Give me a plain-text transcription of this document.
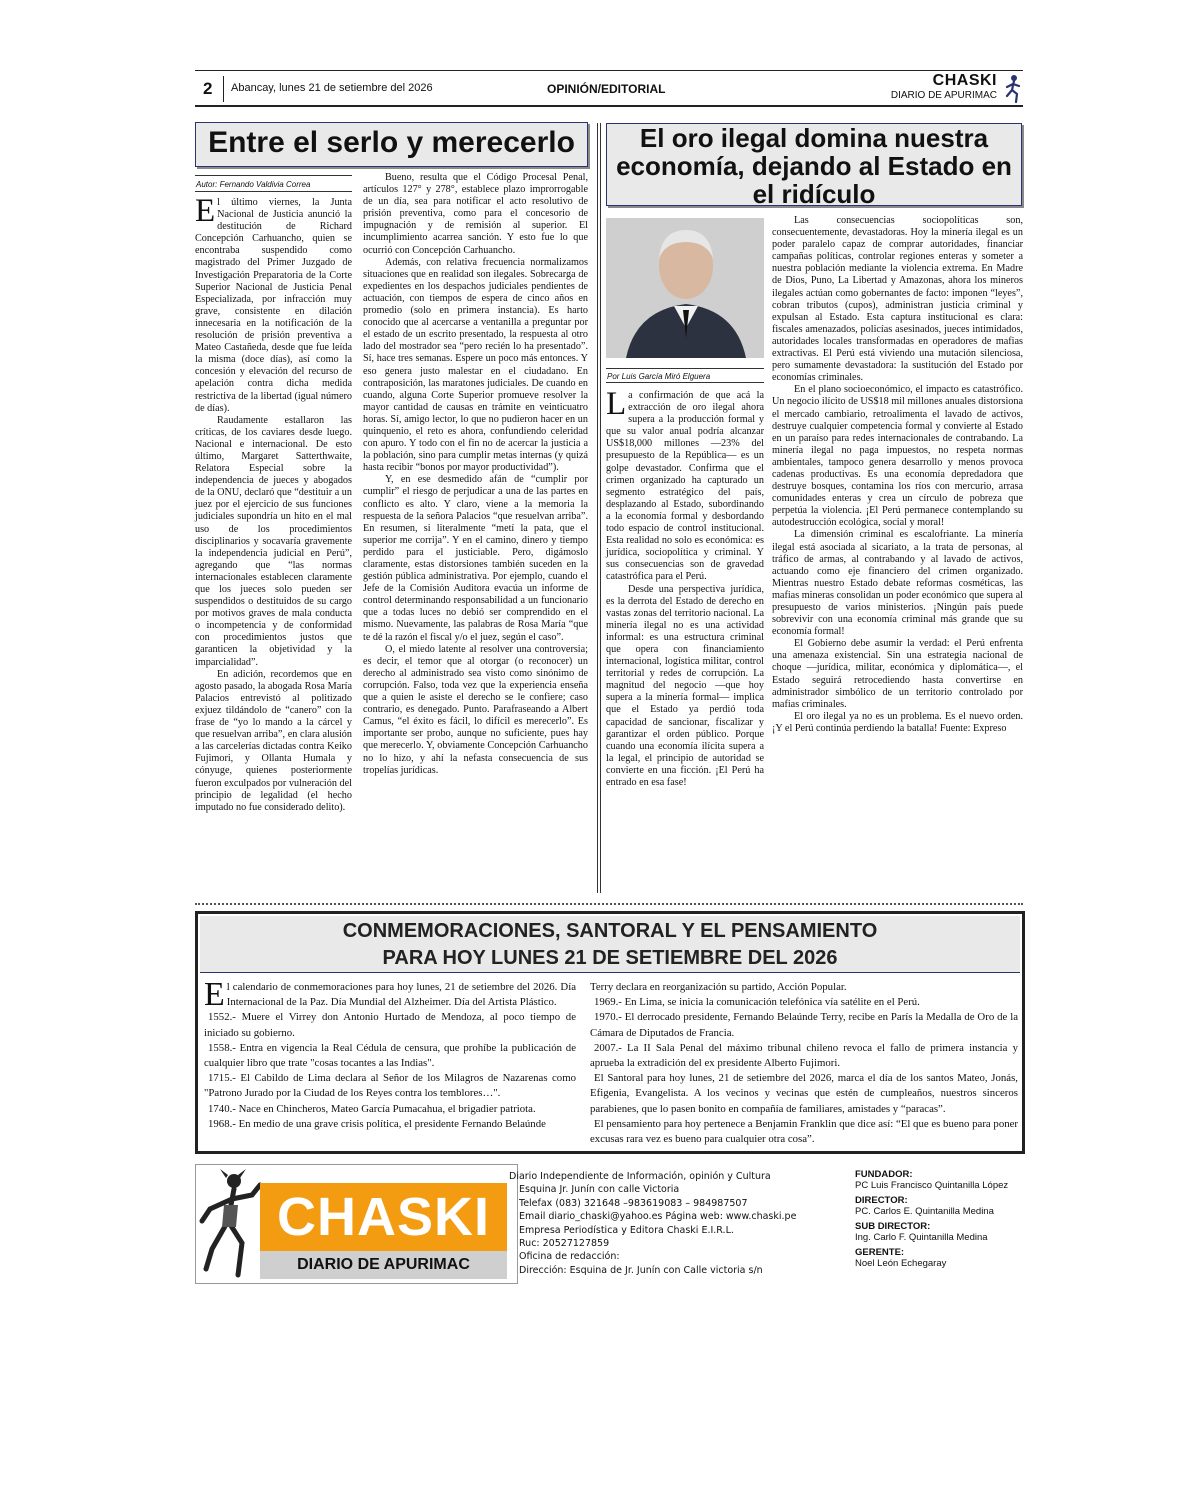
2 Abancay, lunes 21 de setiembre del 2026	OPINIÓN/EDITORIAL	CHASKI
DIARIO DE APURIMAC
Entre el serlo y merecerlo
Autor: Fernando Valdivia Correa

El último viernes, la Junta Nacional de Justicia anunció la destitución de Richard Concepción Carhuancho, quien se encontraba suspendido como magistrado del Primer Juzgado de Investigación Preparatoria de la Corte Superior Nacional de Justicia Penal Especializada, por infracción muy grave, consistente en dilación innecesaria en la notificación de la resolución de prisión preventiva a Mateo Castañeda, desde que fue leída la misma (doce días), así como la concesión y elevación del recurso de apelación contra dicha medida restrictiva de la libertad (igual número de días).

Raudamente estallaron las críticas, de los caviares desde luego. Nacional e internacional. De esto último, Margaret Satterthwaite, Relatora Especial sobre la independencia de jueces y abogados de la ONU, declaró que “destituir a un juez por el ejercicio de sus funciones judiciales supondría un hito en el mal uso de los procedimientos disciplinarios y socavaría gravemente la independencia judicial en Perú”, agregando que “las normas internacionales establecen claramente que los jueces solo pueden ser suspendidos o destituidos de su cargo por motivos graves de mala conducta o incompetencia y de conformidad con procedimientos justos que garanticen la objetividad y la imparcialidad”.

En adición, recordemos que en agosto pasado, la abogada Rosa María Palacios entrevistó al politizado exjuez tildándolo de “canero” con la frase de “yo lo mando a la cárcel y que resuelvan arriba”, en clara alusión a las carcelerías dictadas contra Keiko Fujimori, y Ollanta Humala y cónyuge, quienes posteriormente fueron exculpados por vulneración del principio de legalidad (el hecho imputado no fue considerado delito).

Bueno, resulta que el Código Procesal Penal, artículos 127° y 278°, establece plazo improrrogable de un día, sea para notificar el acto resolutivo de prisión preventiva, como para el concesorio de impugnación y de remisión al superior. El incumplimiento acarrea sanción. Y esto fue lo que ocurrió con Concepción Carhuancho.

Además, con relativa frecuencia normalizamos situaciones que en realidad son ilegales. Sobrecarga de expedientes en los despachos judiciales pendientes de actuación, con tiempos de espera de cinco años en promedio (solo en primera instancia). Es harto conocido que al acercarse a ventanilla a preguntar por el estado de un escrito presentado, la respuesta al otro lado del mostrador sea “pero recién lo ha presentado”. Sí, hace tres semanas. Espere un poco más entonces. Y eso genera justo malestar en el ciudadano. En contraposición, las maratones judiciales. De cuando en cuando, alguna Corte Superior promueve resolver la mayor cantidad de causas en trámite en veinticuatro horas. Sí, amigo lector, lo que no pudieron hacer en un quinquenio, el reto es ahora, confundiendo celeridad con apuro. Y todo con el fin no de acercar la justicia a la población, sino para cumplir metas internas (y quizá hasta recibir “bonos por mayor productividad”).

Y, en ese desmedido afán de “cumplir por cumplir” el riesgo de perjudicar a una de las partes en conflicto es alto. Y claro, viene a la memoria la respuesta de la señora Palacios “que resuelvan arriba”. En resumen, si literalmente “metí la pata, que el superior me corrija”. Y en el camino, dinero y tiempo perdido para el justiciable. Pero, digámoslo claramente, estas distorsiones también suceden en la gestión pública administrativa. Por ejemplo, cuando el Jefe de la Comisión Auditora evacúa un informe de control determinando responsabilidad a un funcionario que a todas luces no debió ser comprendido en el mismo. Nuevamente, las palabras de Rosa María “que te dé la razón el fiscal y/o el juez, según el caso”.

O, el miedo latente al resolver una controversia; es decir, el temor que al otorgar (o reconocer) un derecho al administrado sea visto como sinónimo de corrupción. Falso, toda vez que la experiencia enseña que a quien le asiste el derecho se le confiere; caso contrario, es denegado. Punto. Parafraseando a Albert Camus, “el éxito es fácil, lo difícil es merecerlo”. Es importante ser probo, aunque no suficiente, pues hay que merecerlo. Y, obviamente Concepción Carhuancho no lo hizo, y ahí la nefasta consecuencia de sus tropelías jurídicas.

El oro ilegal domina nuestra economía, dejando al Estado en el ridículo
Por Luis García Miró Elguera

La confirmación de que acá la extracción de oro ilegal ahora supera a la producción formal y que su valor anual podría alcanzar US$18,000 millones —23% del presupuesto de la República— es un golpe devastador. Confirma que el crimen organizado ha capturado un segmento estratégico del país, desplazando al Estado, subordinando a la economía formal y desbordando todo espacio de control institucional. Esta realidad no solo es económica: es jurídica, sociopolítica y criminal. Y sus consecuencias son de gravedad catastrófica para el Perú.

Desde una perspectiva jurídica, es la derrota del Estado de derecho en vastas zonas del territorio nacional. La minería ilegal no es una actividad informal: es una estructura criminal que opera con financiamiento internacional, logística militar, control territorial y redes de corrupción. La magnitud del negocio —que hoy supera a la minería formal— implica que el Estado ya perdió toda capacidad de sancionar, fiscalizar y garantizar el orden público. Porque cuando una economía ilícita supera a la legal, el principio de autoridad se convierte en una ficción. ¡El Perú ha entrado en esa fase!

Las consecuencias sociopolíticas son, consecuentemente, devastadoras. Hoy la minería ilegal es un poder paralelo capaz de comprar autoridades, financiar campañas políticas, controlar regiones enteras y someter a nuestra población mediante la violencia extrema. En Madre de Dios, Puno, La Libertad y Amazonas, ahora los mineros ilegales actúan como gobernantes de facto: imponen “leyes”, cobran tributos (cupos), administran justicia criminal y expulsan al Estado. Esta captura institucional es clara: fiscales amenazados, policías asesinados, jueces intimidados, autoridades locales transformadas en operadores de mafias extractivas. El Perú está viviendo una mutación silenciosa, pero sumamente devastadora: la sustitución del Estado por economías criminales.

En el plano socioeconómico, el impacto es catastrófico. Un negocio ilícito de US$18 mil millones anuales distorsiona el mercado cambiario, retroalimenta el lavado de activos, destruye cualquier competencia formal y convierte al Estado en un paraíso para redes internacionales de contrabando. La minería ilegal no paga impuestos, no respeta normas ambientales, tampoco genera desarrollo y menos provoca cadenas productivas. Es una economía depredadora que destruye bosques, contamina los ríos con mercurio, arrasa comunidades enteras y crea un círculo de pobreza que perpetúa la violencia. ¡El Perú permanece contemplando su autodestrucción ecológica, social y moral!

La dimensión criminal es escalofriante. La minería ilegal está asociada al sicariato, a la trata de personas, al tráfico de armas, al contrabando y al lavado de activos, actuando como eje financiero del crimen organizado. Mientras nuestro Estado debate reformas cosméticas, las mafias mineras consolidan un poder económico que supera al presupuesto de varios ministerios. ¡Ningún país puede sobrevivir con una economía criminal más grande que su economía formal!

El Gobierno debe asumir la verdad: el Perú enfrenta una amenaza existencial. Sin una estrategia nacional de choque —jurídica, militar, económica y diplomática—, el Estado seguirá retrocediendo hasta convertirse en administrador simbólico de un territorio controlado por mafias criminales.

El oro ilegal ya no es un problema. Es el nuevo orden. ¡Y el Perú continúa perdiendo la batalla! Fuente: Expreso

CONMEMORACIONES, SANTORAL Y EL PENSAMIENTO
PARA HOY LUNES 21 DE SETIEMBRE DEL 2026

El calendario de conmemoraciones para hoy lunes, 21 de setiembre del 2026. Día Internacional de la Paz. Día Mundial del Alzheimer. Día del Artista Plástico.

1552.- Muere el Virrey don Antonio Hurtado de Mendoza, al poco tiempo de iniciado su gobierno.

1558.- Entra en vigencia la Real Cédula de censura, que prohíbe la publicación de cualquier libro que trate "cosas tocantes a las Indias".

1715.- El Cabildo de Lima declara al Señor de los Milagros de Nazarenas como "Patrono Jurado por la Ciudad de los Reyes contra los temblores…".

1740.- Nace en Chincheros, Mateo García Pumacahua, el brigadier patriota.

1968.- En medio de una grave crisis política, el presidente Fernando Belaúnde

Terry declara en reorganización su partido, Acción Popular.

1969.- En Lima, se inicia la comunicación telefónica vía satélite en el Perú.

1970.- El derrocado presidente, Fernando Belaúnde Terry, recibe en París la Medalla de Oro de la Cámara de Diputados de Francia.

2007.- La II Sala Penal del máximo tribunal chileno revoca el fallo de primera instancia y aprueba la extradición del ex presidente Alberto Fujimori.

El Santoral para hoy lunes, 21 de setiembre del 2026, marca el día de los santos Mateo, Jonás, Efigenia, Evangelista. A los vecinos y vecinas que estén de cumpleaños, nuestros sinceros parabienes, que lo pasen bonito en compañía de familiares, amistades y “paracas”.

El pensamiento para hoy pertenece a Benjamin Franklin que dice así: “El que es bueno para poner excusas rara vez es bueno para cualquier otra cosa”.

CHASKI
DIARIO DE APURIMAC
Diario Independiente de Información, opinión y Cultura
Esquina Jr. Junín con calle Victoria
Telefax (083) 321648 –983619083 – 984987507
Email diario_chaski@yahoo.es Página web: www.chaski.pe
Empresa Periodística y Editora Chaski E.I.R.L.
Ruc: 20527127859
Oficina de redacción:
Dirección: Esquina de Jr. Junín con Calle victoria s/n
FUNDADOR:
PC Luis Francisco Quintanilla López
DIRECTOR:
PC. Carlos E. Quintanilla Medina
SUB DIRECTOR:
Ing. Carlo F. Quintanilla Medina
GERENTE:
Noel León Echegaray
